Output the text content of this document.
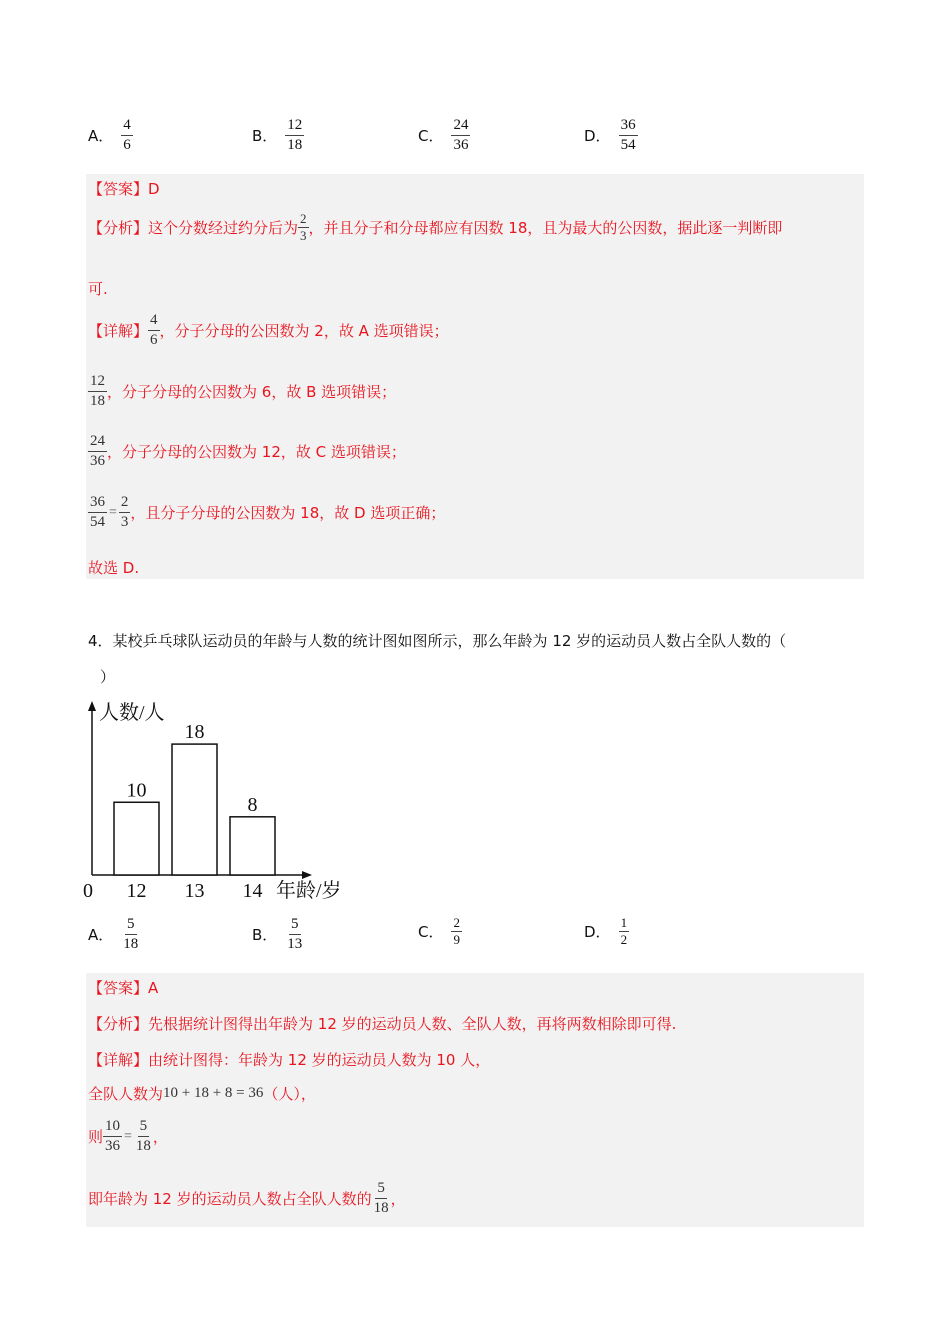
A． $\frac{4}{6}$	B． $\frac{12}{18}$	C． $\frac{24}{36}$	D． $\frac{36}{54}$
【答案】D
【分析】这个分数经过约分后为 $\frac{2}{3}$ ，并且分子和分母都应有因数 18，且为最大的公因数，据此逐一判断即
可.
【详解】 $\frac{4}{6}$ ，分子分母的公因数为 2，故 A 选项错误；
$\frac{12}{18}$ ，分子分母的公因数为 6，故 B 选项错误；
$\frac{24}{36}$ ，分子分母的公因数为 12，故 C 选项错误；
$\frac{36}{54} = \frac{2}{3}$ ，且分子分母的公因数为 18，故 D 选项正确；
故选 D.
4．某校乒乓球队运动员的年龄与人数的统计图如图所示，那么年龄为 12 岁的运动员人数占全队人数的（
）
人数/人
年龄/岁
0
10
12
18
13
8
14
A． $\frac{5}{18}$	B． $\frac{5}{13}$	C． $\frac{2}{9}$	D． $\frac{1}{2}$
【答案】A
【分析】先根据统计图得出年龄为 12 岁的运动员人数、全队人数，再将两数相除即可得.
【详解】由统计图得：年龄为 12 岁的运动员人数为 10 人，
全队人数为 10 + 18 + 8 = 36 （人），
则 $\frac{10}{36} = \frac{5}{18}$ ，
即年龄为 12 岁的运动员人数占全队人数的 $\frac{5}{18}$ ，
